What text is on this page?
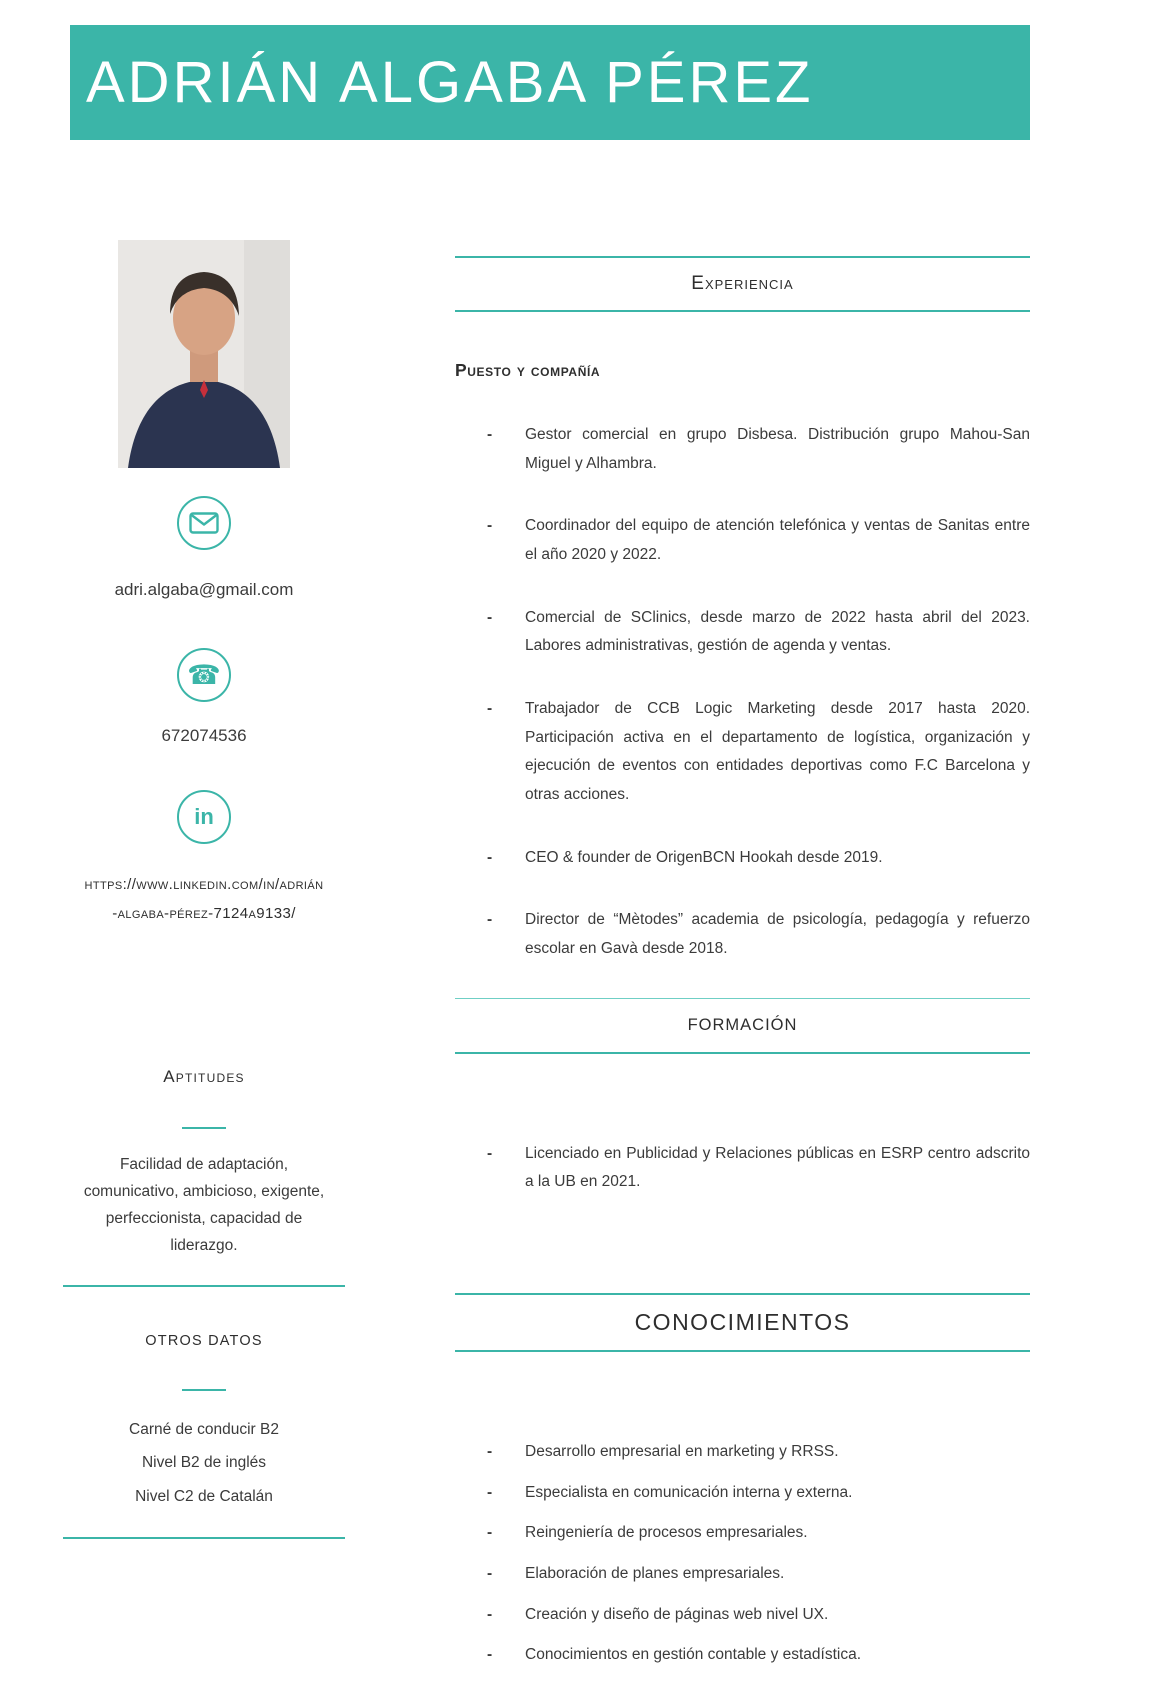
ADRIÁN ALGABA PÉREZ
adri.algaba@gmail.com
☎
672074536
in
https://www.linkedin.com/in/adrián
-algaba-pérez-7124a9133/
Aptitudes

Facilidad de adaptación, comunicativo, ambicioso, exigente, perfeccionista, capacidad de liderazgo.

OTROS DATOS
Carné de conducir B2
Nivel B2 de inglés
Nivel C2 de Catalán
Experiencia
Puesto y compañía
-	Gestor comercial en grupo Disbesa. Distribución grupo Mahou-San Miguel y Alhambra.
-	Coordinador del equipo de atención telefónica y ventas de Sanitas entre el año 2020 y 2022.
-	Comercial de SClinics, desde marzo de 2022 hasta abril del 2023. Labores administrativas, gestión de agenda y ventas.
-	Trabajador de CCB Logic Marketing desde 2017 hasta 2020. Participación activa en el departamento de logística, organización y ejecución de eventos con entidades deportivas como F.C Barcelona y otras acciones.
-	CEO & founder de OrigenBCN Hookah desde 2019.
-	Director de “Mètodes” academia de psicología, pedagogía y refuerzo escolar en Gavà desde 2018.
FORMACIÓN
-	Licenciado en Publicidad y Relaciones públicas en ESRP centro adscrito a la UB en 2021.
CONOCIMIENTOS
-	Desarrollo empresarial en marketing y RRSS.
-	Especialista en comunicación interna y externa.
-	Reingeniería de procesos empresariales.
-	Elaboración de planes empresariales.
-	Creación y diseño de páginas web nivel UX.
-	Conocimientos en gestión contable y estadística.
